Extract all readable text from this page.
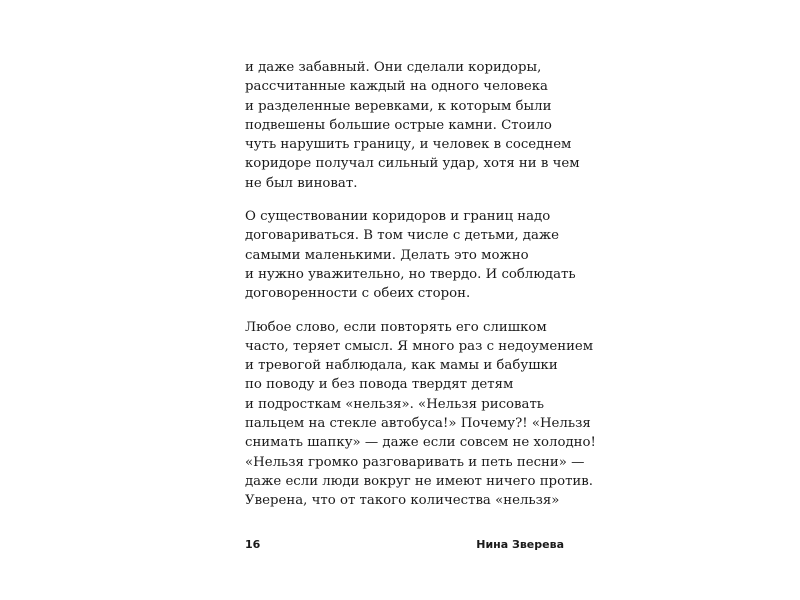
и даже забавный. Они сделали коридоры,
рассчитанные каждый на одного человека
и разделенные веревками, к которым были
подвешены большие острые камни. Стоило
чуть нарушить границу, и человек в соседнем
коридоре получал сильный удар, хотя ни в чем
не был виноват.
О существовании коридоров и границ надо
договариваться. В том числе с детьми, даже
самыми маленькими. Делать это можно
и нужно уважительно, но твердо. И соблюдать
договоренности с обеих сторон.
Любое слово, если повторять его слишком
часто, теряет смысл. Я много раз с недоумением
и тревогой наблюдала, как мамы и бабушки
по поводу и без повода твердят детям
и подросткам «нельзя». «Нельзя рисовать
пальцем на стекле автобуса!» Почему?! «Нельзя
снимать шапку» — даже если совсем не холодно!
«Нельзя громко разговаривать и петь песни» —
даже если люди вокруг не имеют ничего против.
Уверена, что от такого количества «нельзя»
16	Нина Зверева
